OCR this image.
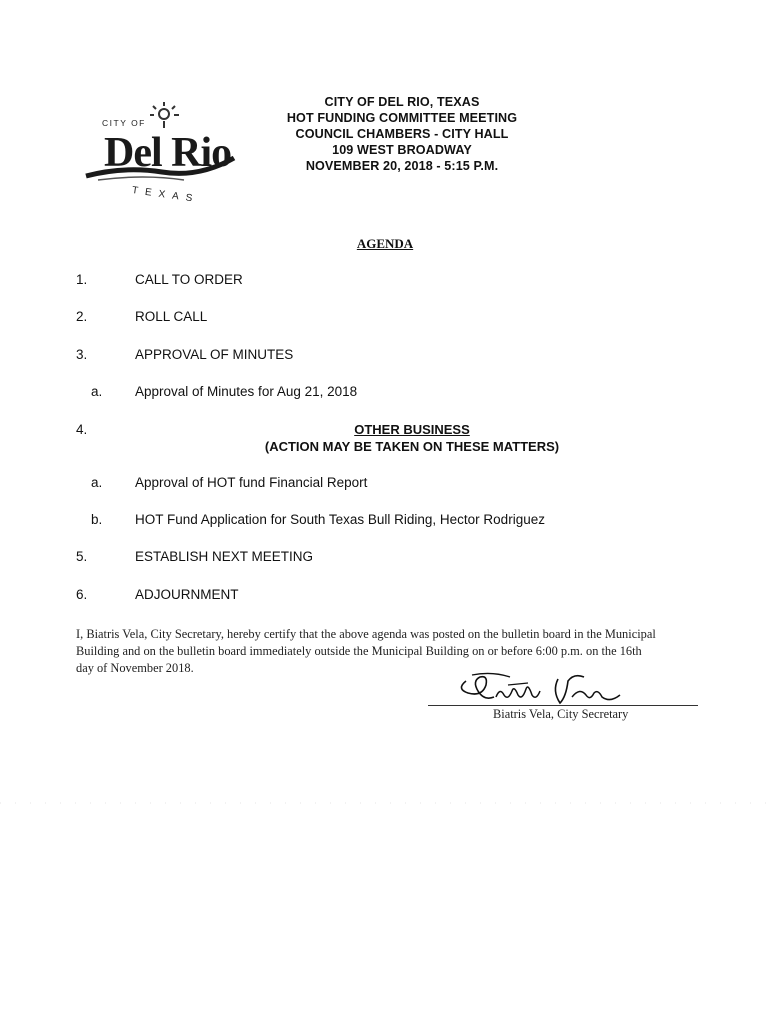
CITY OF
Del Rio
TEXAS
CITY OF DEL RIO, TEXAS
HOT FUNDING COMMITTEE MEETING
COUNCIL CHAMBERS - CITY HALL
109 WEST BROADWAY
NOVEMBER 20, 2018 - 5:15 P.M.
AGENDA
1.	CALL TO ORDER
2.	ROLL CALL
3.	APPROVAL OF MINUTES
a. Approval of Minutes for Aug 21, 2018
4.	OTHER BUSINESS
(ACTION MAY BE TAKEN ON THESE MATTERS)
a. Approval of HOT fund Financial Report
b. HOT Fund Application for South Texas Bull Riding, Hector Rodriguez
5.	ESTABLISH NEXT MEETING
6.	ADJOURNMENT
I, Biatris Vela, City Secretary, hereby certify that the above agenda was posted on the bulletin board in the Municipal
Building and on the bulletin board immediately outside the Municipal Building on or before 6:00 p.m. on the 16th
day of November 2018.
Biatris Vela, City Secretary
